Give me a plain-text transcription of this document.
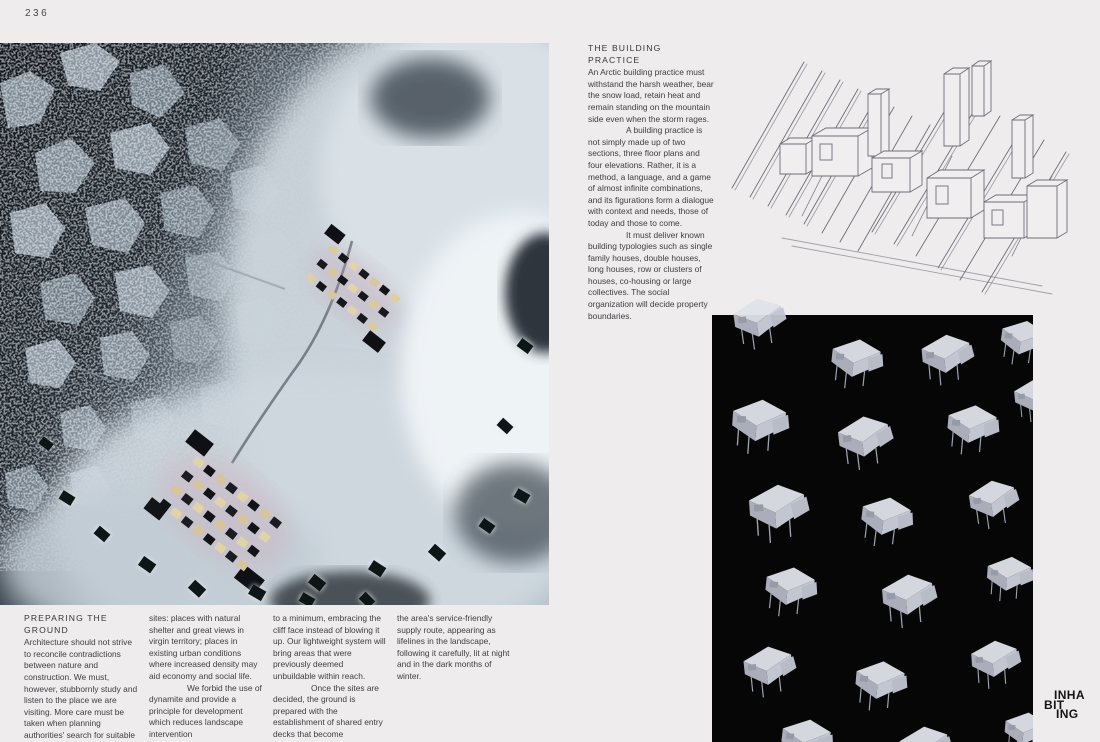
236
THE BUILDING PRACTICE

An Arctic building practice must withstand the harsh weather, bear the snow load, retain heat and remain standing on the mountain side even when the storm rages.

A building practice is not simply made up of two sections, three floor plans and four elevations. Rather, it is a method, a language, and a game of almost infinite combinations, and its figurations form a dialogue with context and needs, those of today and those to come.

It must deliver known building typologies such as single family houses, double houses, long houses, row or clusters of houses, co-housing or large collectives. The social organization will decide property boundaries.

PREPARING THE GROUND

Architecture should not strive to reconcile contradictions between nature and construction. We must, however, stubbornly study and listen to the place we are visiting. More care must be taken when planning authorities' search for suitable

sites: places with natural shelter and great views in virgin territory; places in existing urban conditions where increased density may aid economy and social life.

We forbid the use of dynamite and provide a principle for development which reduces landscape intervention

to a minimum, embracing the cliff face instead of blowing it up. Our lightweight system will bring areas that were previously deemed unbuildable within reach.

Once the sites are decided, the ground is prepared with the establishment of shared entry decks that become

the area's service-friendly supply route, appearing as lifelines in the landscape, following it carefully, lit at night and in the dark months of winter.

INHA
BIT
ING
